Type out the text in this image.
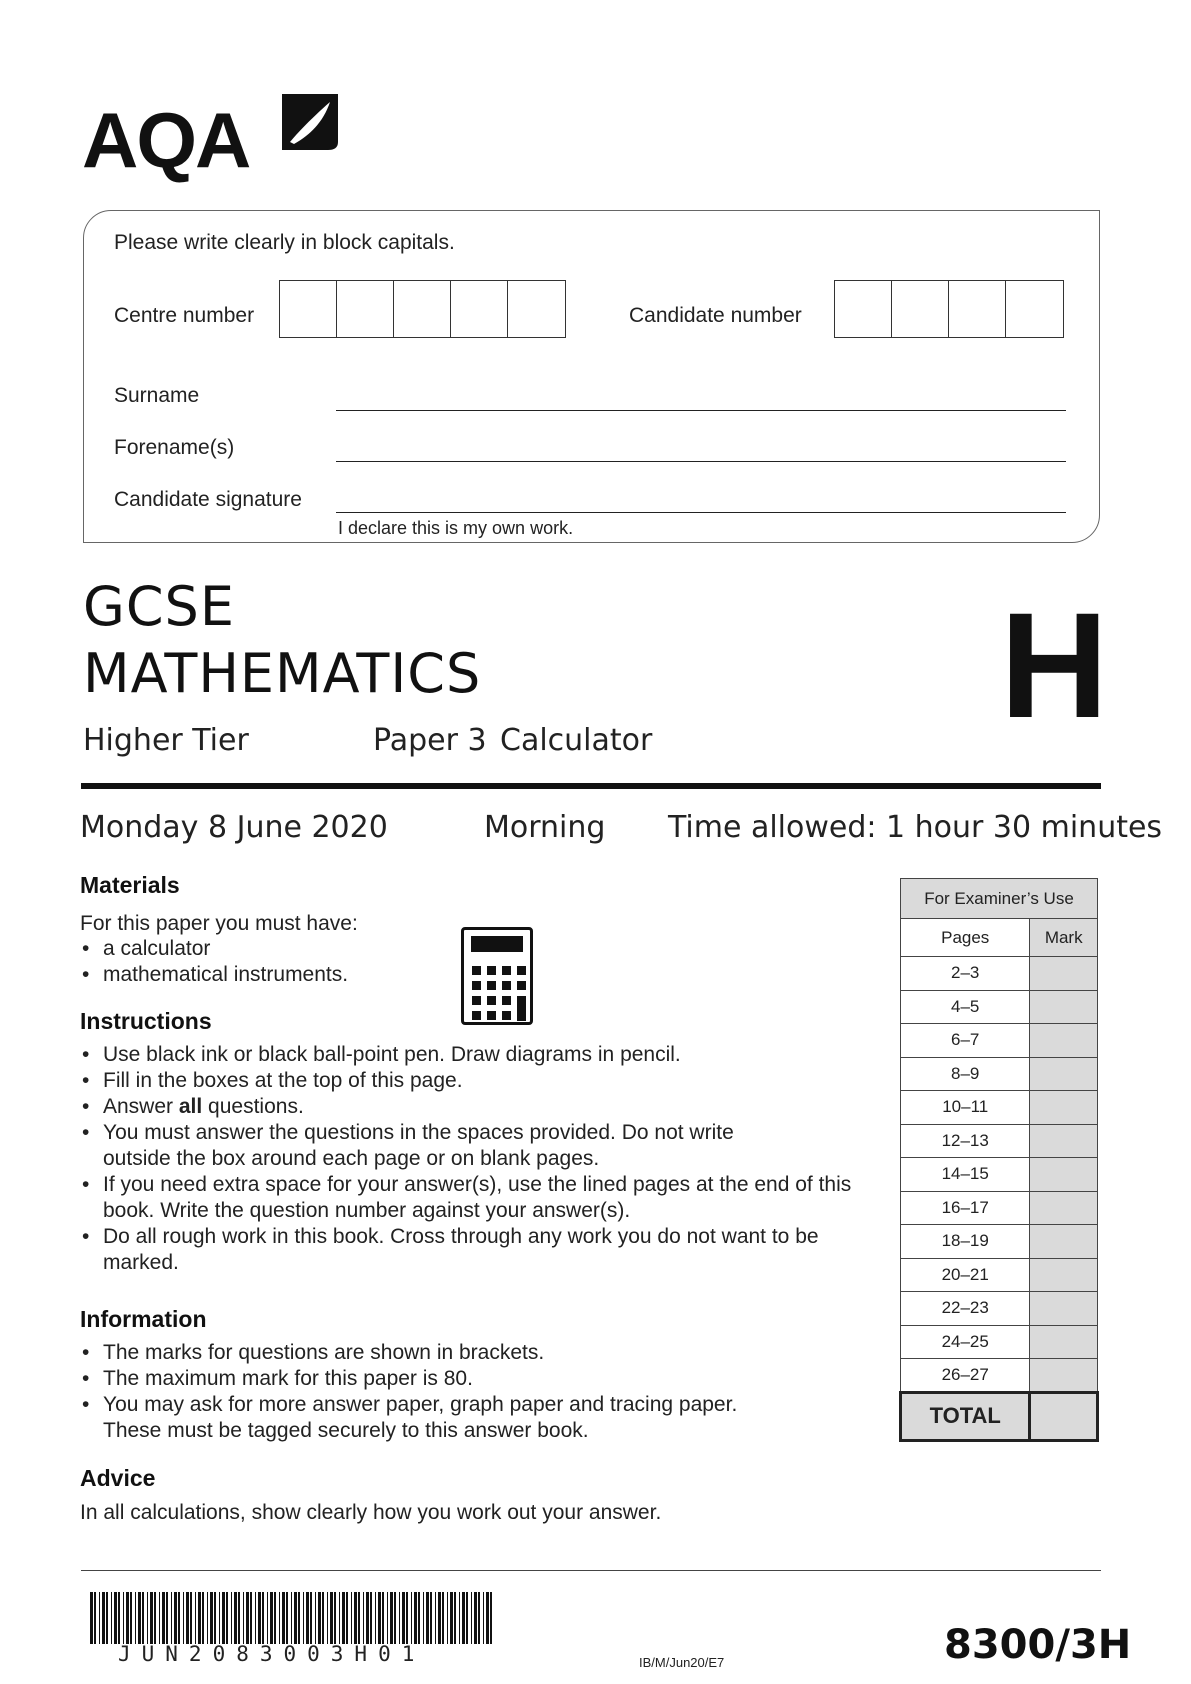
AQA
Please write clearly in block capitals.
Centre number	Candidate number
Surname
Forename(s)
Candidate signature
I declare this is my own work.
GCSE
MATHEMATICS
Higher Tier	Paper 3 Calculator H
Monday 8 June 2020	Morning Time allowed: 1 hour 30 minutes
Materials
For this paper you must have:
• a calculator
• mathematical instruments.
Instructions
• Use black ink or black ball-point pen. Draw diagrams in pencil.
• Fill in the boxes at the top of this page.
• Answer all questions.
• You must answer the questions in the spaces provided. Do not write outside the box around each page or on blank pages.
• If you need extra space for your answer(s), use the lined pages at the end of this book. Write the question number against your answer(s).
• Do all rough work in this book. Cross through any work you do not want to be marked.
Information
• The marks for questions are shown in brackets.
• The maximum mark for this paper is 80.
• You may ask for more answer paper, graph paper and tracing paper. These must be tagged securely to this answer book.
Advice
In all calculations, show clearly how you work out your answer.
For Examiner’s Use	
Pages	Mark
2–3	
4–5	
6–7	
8–9	
10–11	
12–13	
14–15	
16–17	
18–19	
20–21	
22–23	
24–25	
26–27	
TOTAL	
JUN2083003H01	IB/M/Jun20/E7	8300/3H
